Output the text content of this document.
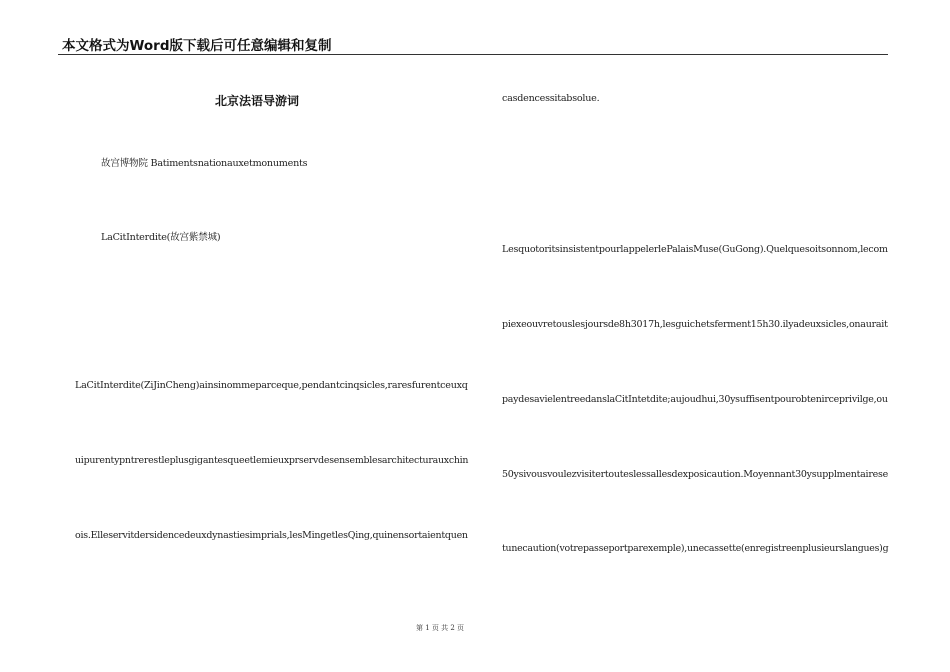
本文格式为Word版下载后可任意编辑和复制
北京法语导游词
故宫博物院 Batimentsnationauxetmonuments
LaCitInterdite(故宫紫禁城)
LaCitInterdite(ZiJinCheng)ainsinommeparceque,pendantcinqsicles,raresfurentceuxq
uipurentypntrerestleplusgigantesqueetlemieuxprservdesensemblesarchitecturauxchin
ois.Elleservitdersidencedeuxdynastiesimprials,lesMingetlesQing,quinensortaientquen
casdencessitabsolue.
LesquotoritsinsistentpourlappelerlePalaisMuse(GuGong).Quelquesoitsonnom,lecom
piexeouvretouslesjoursde8h3017h,lesguichetsferment15h30.ilyadeuxsicles,onaurait
paydesavielentreedanslaCitIntetdite;aujoudhui,30ysuffisentpourobtenirceprivilge,ou
50ysivousvoulezvisitertouteslessallesdexposicaution.Moyennant30ysupplmentairese
tunecaution(votrepasseportparexemple),unecassette(enregistreenplusieurslangues)g
第 1 页 共 2 页
